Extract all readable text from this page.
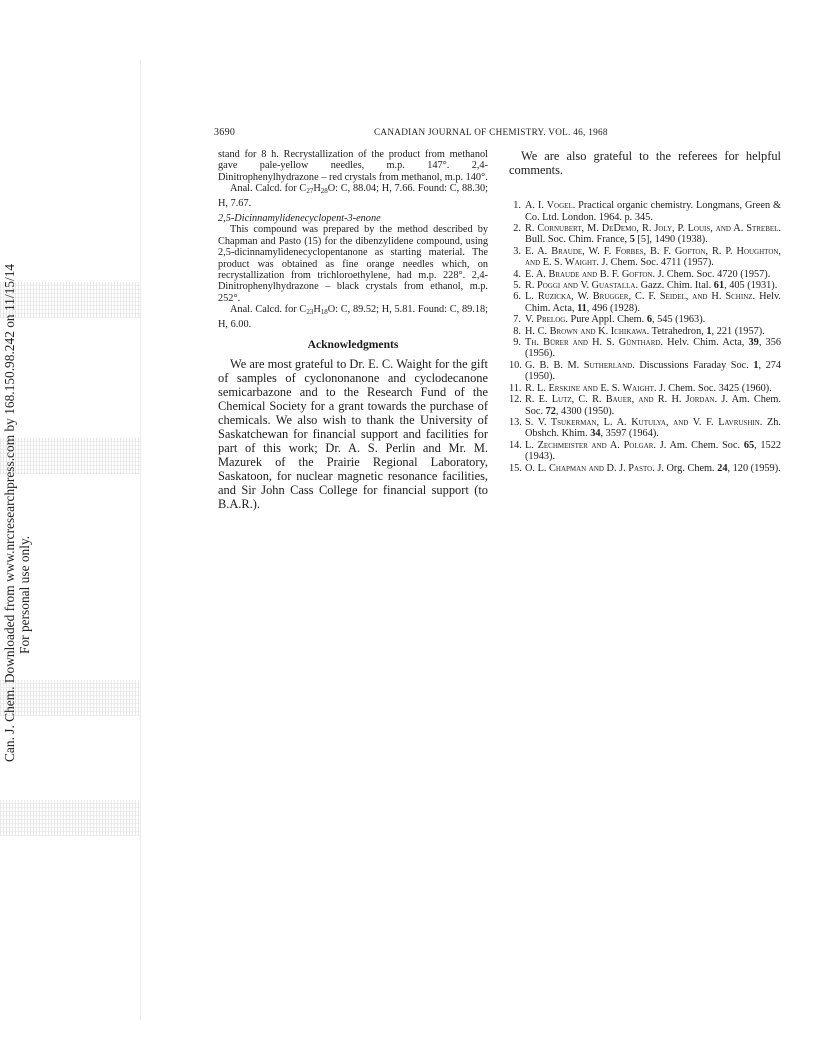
Can. J. Chem. Downloaded from www.nrcresearchpress.com by 168.150.98.242 on 11/15/14 For personal use only.
3690	CANADIAN JOURNAL OF CHEMISTRY. VOL. 46, 1968

stand for 8 h. Recrystallization of the product from methanol gave pale-yellow needles, m.p. 147°. 2,4-Dinitrophenylhydrazone – red crystals from methanol, m.p. 140°.

Anal. Calcd. for $C_{27}H_{28}O$: C, 88.04; H, 7.66. Found: C, 88.30; H, 7.67.

2,5-Dicinnamylidenecyclopent-3-enone

This compound was prepared by the method described by Chapman and Pasto (15) for the dibenzylidene compound, using 2,5-dicinnamylidenecyclopentanone as starting material. The product was obtained as fine orange needles which, on recrystallization from trichloroethylene, had m.p. 228°. 2,4-Dinitrophenylhydrazone – black crystals from ethanol, m.p. 252°.

Anal. Calcd. for $C_{23}H_{18}O$: C, 89.52; H, 5.81. Found: C, 89.18; H, 6.00.

Acknowledgments

We are most grateful to Dr. E. C. Waight for the gift of samples of cyclononanone and cyclodecanone semicarbazone and to the Research Fund of the Chemical Society for a grant towards the purchase of chemicals. We also wish to thank the University of Saskatchewan for financial support and facilities for part of this work; Dr. A. S. Perlin and Mr. M. Mazurek of the Prairie Regional Laboratory, Saskatoon, for nuclear magnetic resonance facilities, and Sir John Cass College for financial support (to B.A.R.).

We are also grateful to the referees for helpful comments.

1. A. I. Vogel. Practical organic chemistry. Longmans, Green & Co. Ltd. London. 1964. p. 345.
2. R. Cornubert, M. DeDemo, R. Joly, P. Louis, and A. Strebel. Bull. Soc. Chim. France, 5 [5], 1490 (1938).
3. E. A. Braude, W. F. Forbes, B. F. Gofton, R. P. Houghton, and E. S. Waight. J. Chem. Soc. 4711 (1957).
4. E. A. Braude and B. F. Gofton. J. Chem. Soc. 4720 (1957).
5. R. Poggi and V. Guastalla. Gazz. Chim. Ital. 61, 405 (1931).
6. L. Ruzicka, W. Brugger, C. F. Seidel, and H. Schinz. Helv. Chim. Acta, 11, 496 (1928).
7. V. Prelog. Pure Appl. Chem. 6, 545 (1963).
8. H. C. Brown and K. Ichikawa. Tetrahedron, 1, 221 (1957).
9. Th. Bürer and H. S. Günthard. Helv. Chim. Acta, 39, 356 (1956).
10. G. B. B. M. Sutherland. Discussions Faraday Soc. 1, 274 (1950).
11. R. L. Erskine and E. S. Waight. J. Chem. Soc. 3425 (1960).
12. R. E. Lutz, C. R. Bauer, and R. H. Jordan. J. Am. Chem. Soc. 72, 4300 (1950).
13. S. V. Tsukerman, L. A. Kutulya, and V. F. Lavrushin. Zh. Obshch. Khim. 34, 3597 (1964).
14. L. Zechmeister and A. Polgar. J. Am. Chem. Soc. 65, 1522 (1943).
15. O. L. Chapman and D. J. Pasto. J. Org. Chem. 24, 120 (1959).
